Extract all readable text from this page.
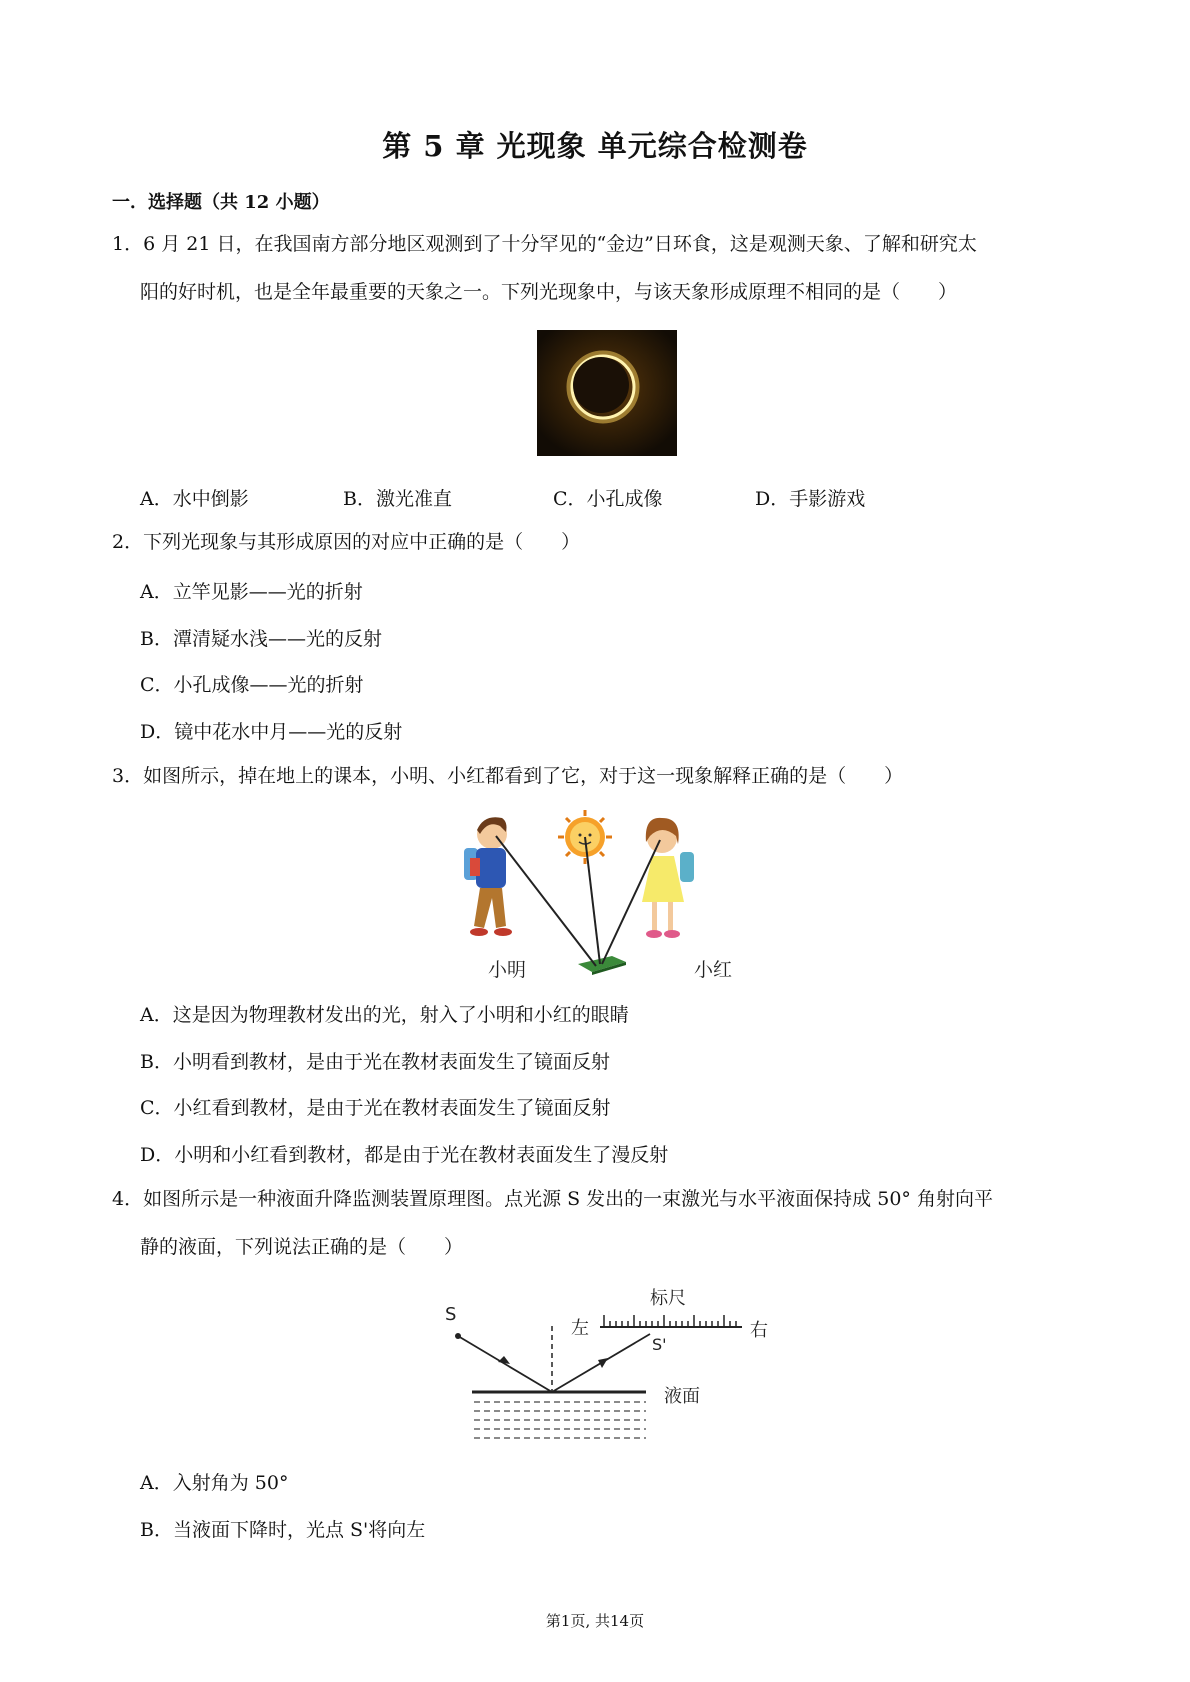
第 5 章 光现象 单元综合检测卷
一．选择题（共 12 小题）
1．6 月 21 日，在我国南方部分地区观测到了十分罕见的“金边”日环食，这是观测天象、了解和研究太
阳的好时机，也是全年最重要的天象之一。下列光现象中，与该天象形成原理不相同的是（　　）
A．水中倒影	B．激光准直	C．小孔成像	D．手影游戏
2．下列光现象与其形成原因的对应中正确的是（　　）
A．立竿见影——光的折射
B．潭清疑水浅——光的反射
C．小孔成像——光的折射
D．镜中花水中月——光的反射
3．如图所示，掉在地上的课本，小明、小红都看到了它，对于这一现象解释正确的是（　　）
小明	小红
A．这是因为物理教材发出的光，射入了小明和小红的眼睛
B．小明看到教材，是由于光在教材表面发生了镜面反射
C．小红看到教材，是由于光在教材表面发生了镜面反射
D．小明和小红看到教材，都是由于光在教材表面发生了漫反射
4．如图所示是一种液面升降监测装置原理图。点光源 S 发出的一束激光与水平液面保持成 50° 角射向平
静的液面，下列说法正确的是（　　）
S
标尺
左	右
S'
液面
A．入射角为 50°
B．当液面下降时，光点 S'将向左
第1页, 共14页
